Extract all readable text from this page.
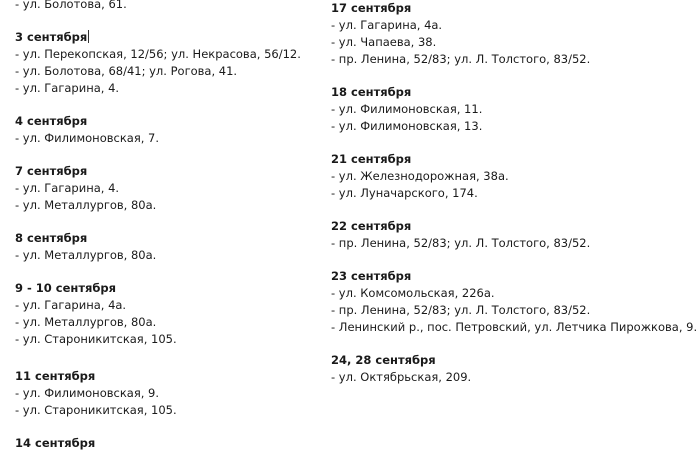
- ул. Болотова, 61.
3 сентября
- ул. Перекопская, 12/56; ул. Некрасова, 56/12.
- ул. Болотова, 68/41; ул. Рогова, 41.
- ул. Гагарина, 4.
4 сентября
- ул. Филимоновская, 7.
7 сентября
- ул. Гагарина, 4.
- ул. Металлургов, 80а.
8 сентября
- ул. Металлургов, 80а.
9 - 10 сентября
- ул. Гагарина, 4а.
- ул. Металлургов, 80а.
- ул. Староникитская, 105.
11 сентября
- ул. Филимоновская, 9.
- ул. Староникитская, 105.
14 сентября
17 сентября
- ул. Гагарина, 4а.
- ул. Чапаева, 38.
- пр. Ленина, 52/83; ул. Л. Толстого, 83/52.
18 сентября
- ул. Филимоновская, 11.
- ул. Филимоновская, 13.
21 сентября
- ул. Железнодорожная, 38а.
- ул. Луначарского, 174.
22 сентября
- пр. Ленина, 52/83; ул. Л. Толстого, 83/52.
23 сентября
- ул. Комсомольская, 226а.
- пр. Ленина, 52/83; ул. Л. Толстого, 83/52.
- Ленинский р., пос. Петровский, ул. Летчика Пирожкова, 9.
24, 28 сентября
- ул. Октябрьская, 209.
